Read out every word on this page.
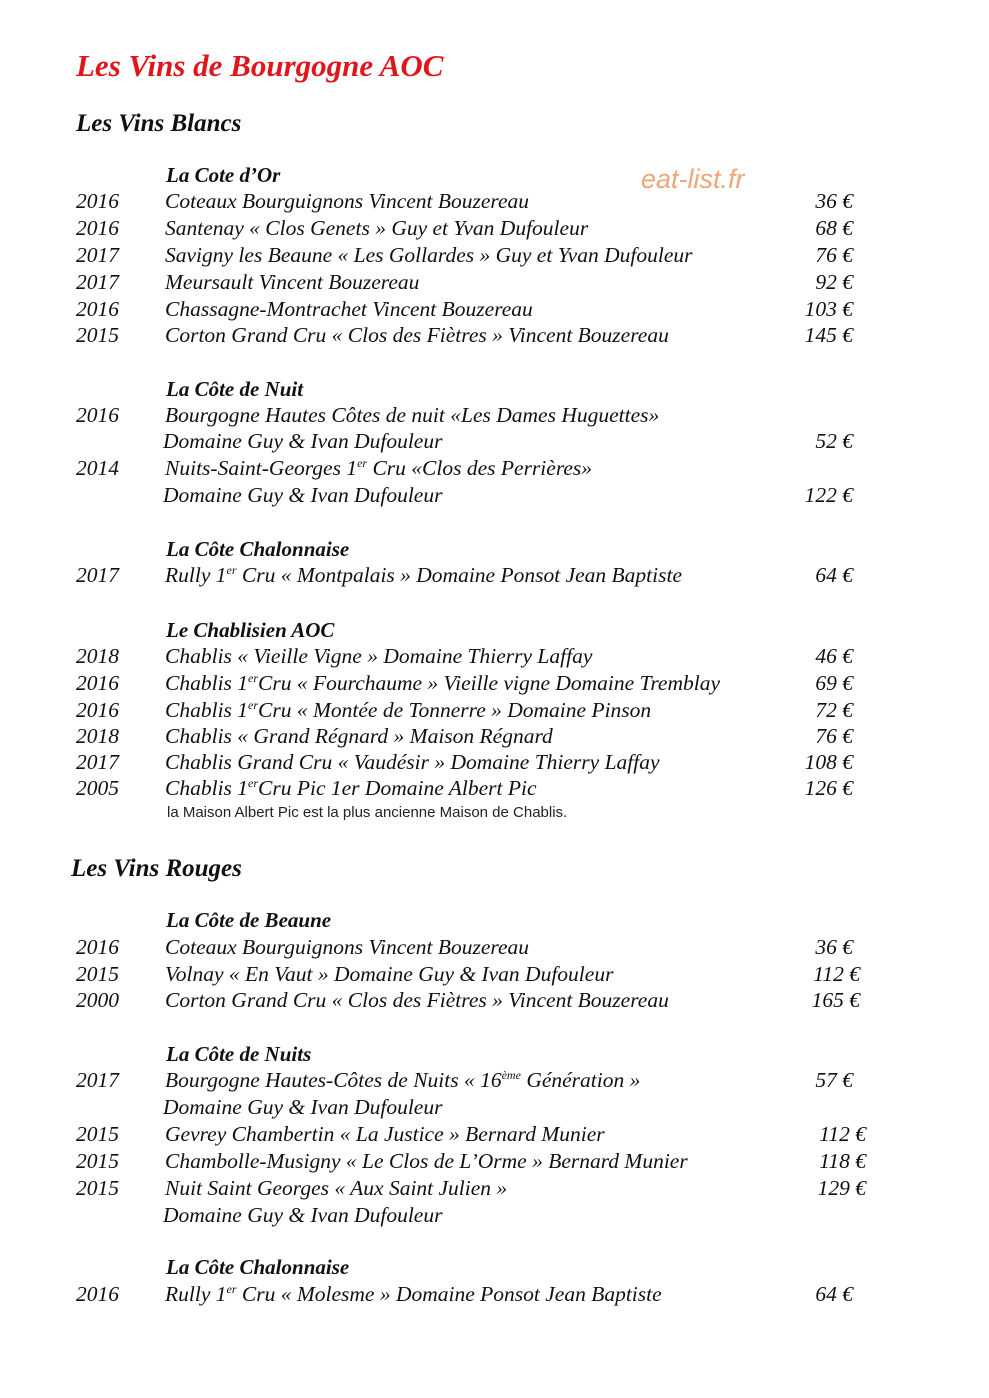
Les Vins de Bourgogne AOC
eat-list.fr
Les Vins Blancs
La Cote d’Or
2016 Coteaux Bourguignons Vincent Bouzereau	36 €
2016 Santenay « Clos Genets » Guy et Yvan Dufouleur	68 €
2017 Savigny les Beaune « Les Gollardes » Guy et Yvan Dufouleur	76 €
2017 Meursault Vincent Bouzereau	92 €
2016 Chassagne-Montrachet Vincent Bouzereau	103 €
2015 Corton Grand Cru « Clos des Fiètres » Vincent Bouzereau	145 €
La Côte de Nuit
2016 Bourgogne Hautes Côtes de nuit «Les Dames Huguettes»
Domaine Guy & Ivan Dufouleur	52 €
2014 Nuits-Saint-Georges 1er Cru «Clos des Perrières»
Domaine Guy & Ivan Dufouleur	122 €
La Côte Chalonnaise
2017 Rully 1er Cru « Montpalais » Domaine Ponsot Jean Baptiste	64 €
Le Chablisien AOC
2018 Chablis « Vieille Vigne » Domaine Thierry Laffay	46 €
2016 Chablis 1erCru « Fourchaume » Vieille vigne Domaine Tremblay	69 €
2016 Chablis 1erCru « Montée de Tonnerre » Domaine Pinson	72 €
2018 Chablis « Grand Régnard » Maison Régnard	76 €
2017 Chablis Grand Cru « Vaudésir » Domaine Thierry Laffay	108 €
2005 Chablis 1erCru Pic 1er Domaine Albert Pic	126 €
la Maison Albert Pic est la plus ancienne Maison de Chablis.
Les Vins Rouges
La Côte de Beaune
2016 Coteaux Bourguignons Vincent Bouzereau	36 €
2015 Volnay « En Vaut » Domaine Guy & Ivan Dufouleur	112 €
2000 Corton Grand Cru « Clos des Fiètres » Vincent Bouzereau	165 €
La Côte de Nuits
2017 Bourgogne Hautes-Côtes de Nuits « 16ème Génération »	57 €
Domaine Guy & Ivan Dufouleur
2015 Gevrey Chambertin « La Justice » Bernard Munier	112 €
2015 Chambolle-Musigny « Le Clos de L’Orme » Bernard Munier	118 €
2015 Nuit Saint Georges « Aux Saint Julien »	129 €
Domaine Guy & Ivan Dufouleur
La Côte Chalonnaise
2016 Rully 1er Cru « Molesme » Domaine Ponsot Jean Baptiste	64 €
